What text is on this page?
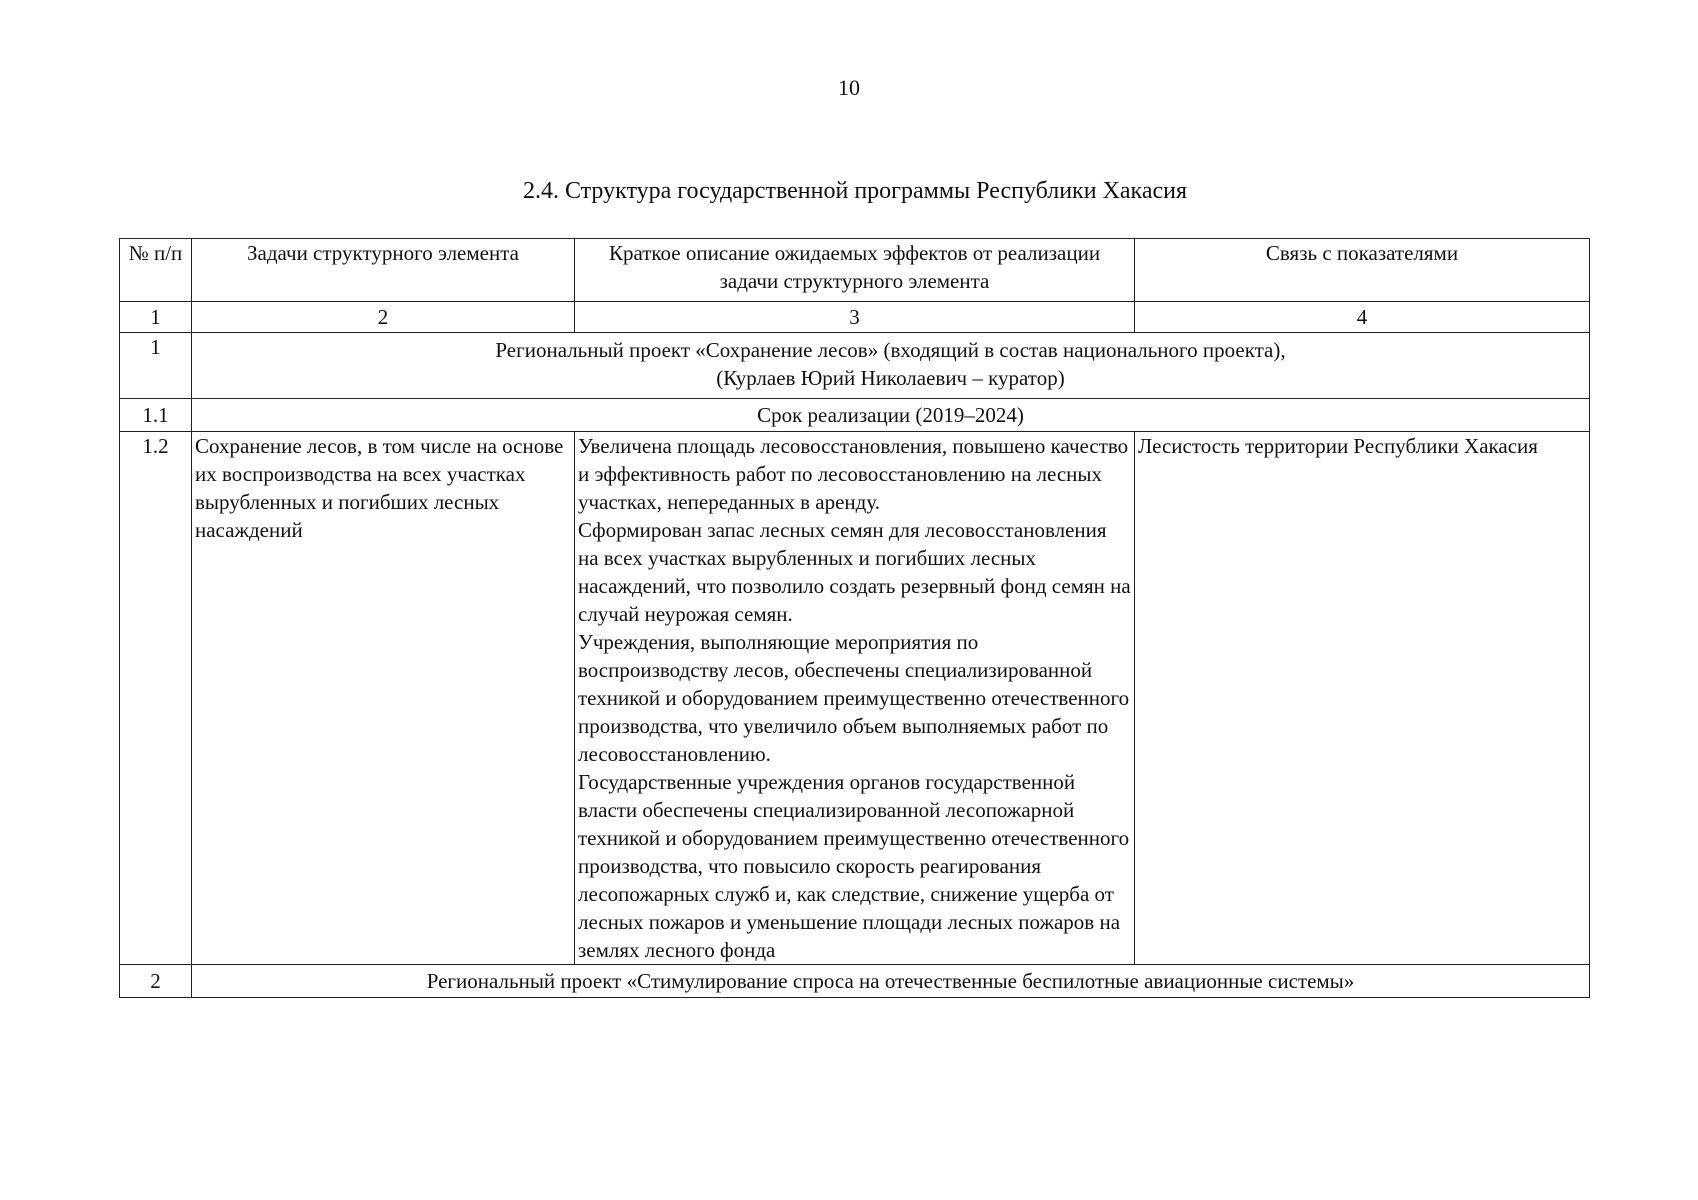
10
2.4. Структура государственной программы Республики Хакасия
№ п/п	Задачи структурного элемента	Краткое описание ожидаемых эффектов от реализации задачи структурного элемента	Связь с показателями
1	2	3	4
1	Региональный проект «Сохранение лесов» (входящий в состав национального проекта),
(Курлаев Юрий Николаевич – куратор)		

1.1	Срок реализации (2019–2024)		
1.2	Сохранение лесов, в том числе на основе их воспроизводства на всех участках вырубленных и погибших лесных насаждений	Увеличена площадь лесовосстановления, повышено качество и эффективность работ по лесовосстановлению на лесных участках, непереданных в аренду.

Сформирован запас лесных семян для лесовосстановления на всех участках вырубленных и погибших лесных насаждений, что позволило создать резервный фонд семян на случай неурожая семян.

Учреждения, выполняющие мероприятия по воспроизводству лесов, обеспечены специализированной техникой и оборудованием преимущественно отечественного производства, что увеличило объем выполняемых работ по лесовосстановлению.

Государственные учреждения органов государственной власти обеспечены специализированной лесопожарной техникой и оборудованием преимущественно отечественного производства, что повысило скорость реагирования лесопожарных служб и, как следствие, снижение ущерба от лесных пожаров и уменьшение площади лесных пожаров на землях лесного фонда	Лесистость территории Республики Хакасия
2	Региональный проект «Стимулирование спроса на отечественные беспилотные авиационные системы»		
